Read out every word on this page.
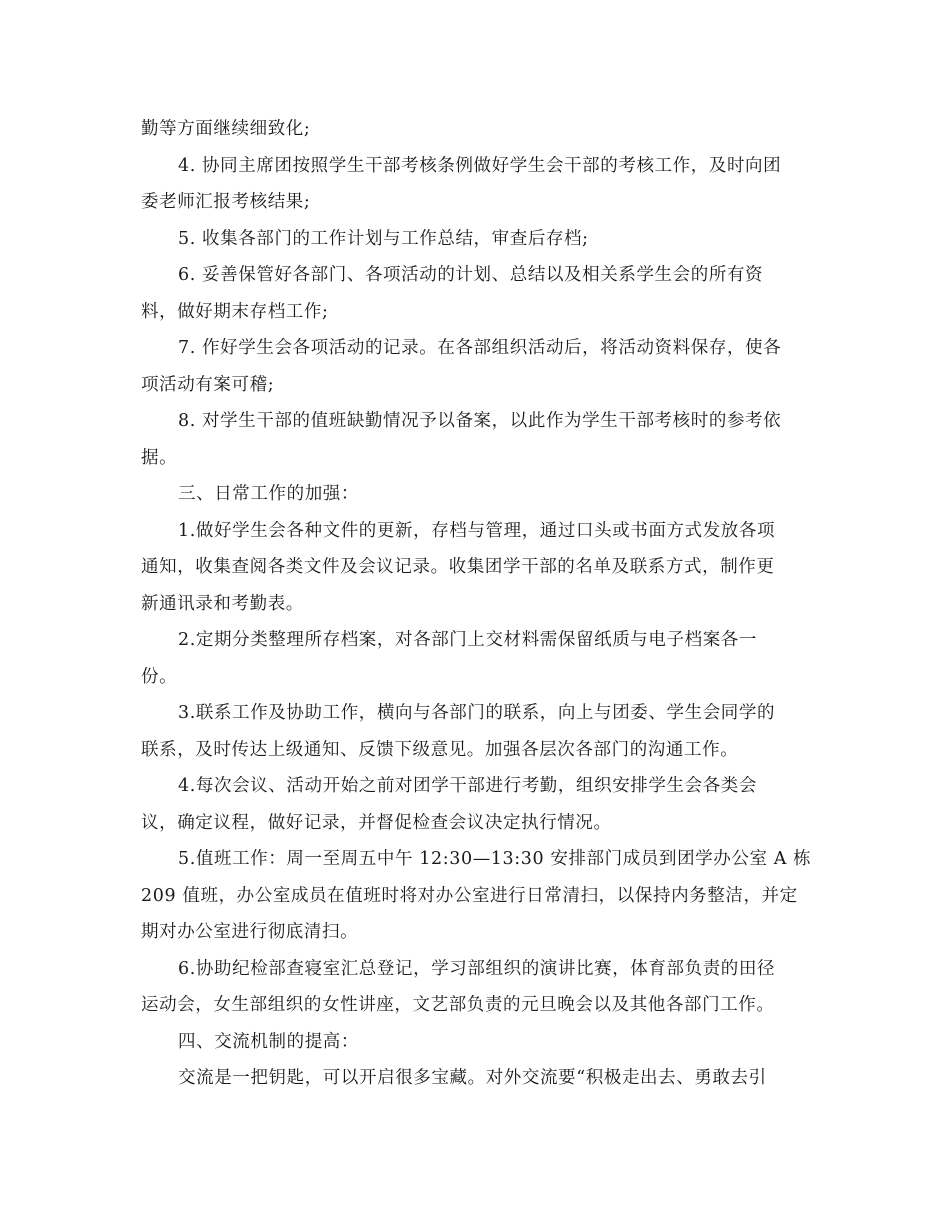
勤等方面继续细致化;
4. 协同主席团按照学生干部考核条例做好学生会干部的考核工作，及时向团
委老师汇报考核结果;
5. 收集各部门的工作计划与工作总结，审查后存档;
6. 妥善保管好各部门、各项活动的计划、总结以及相关系学生会的所有资
料，做好期末存档工作;
7. 作好学生会各项活动的记录。在各部组织活动后，将活动资料保存，使各
项活动有案可稽;
8. 对学生干部的值班缺勤情况予以备案，以此作为学生干部考核时的参考依
据。
三、日常工作的加强：
1.做好学生会各种文件的更新，存档与管理，通过口头或书面方式发放各项
通知，收集查阅各类文件及会议记录。收集团学干部的名单及联系方式，制作更
新通讯录和考勤表。
2.定期分类整理所存档案，对各部门上交材料需保留纸质与电子档案各一
份。
3.联系工作及协助工作，横向与各部门的联系，向上与团委、学生会同学的
联系，及时传达上级通知、反馈下级意见。加强各层次各部门的沟通工作。
4.每次会议、活动开始之前对团学干部进行考勤，组织安排学生会各类会
议，确定议程，做好记录，并督促检查会议决定执行情况。
5.值班工作：周一至周五中午 12:30—13:30 安排部门成员到团学办公室 A 栋
209 值班，办公室成员在值班时将对办公室进行日常清扫，以保持内务整洁，并定
期对办公室进行彻底清扫。
6.协助纪检部查寝室汇总登记，学习部组织的演讲比赛，体育部负责的田径
运动会，女生部组织的女性讲座，文艺部负责的元旦晚会以及其他各部门工作。
四、交流机制的提高：
交流是一把钥匙，可以开启很多宝藏。对外交流要“积极走出去、勇敢去引
